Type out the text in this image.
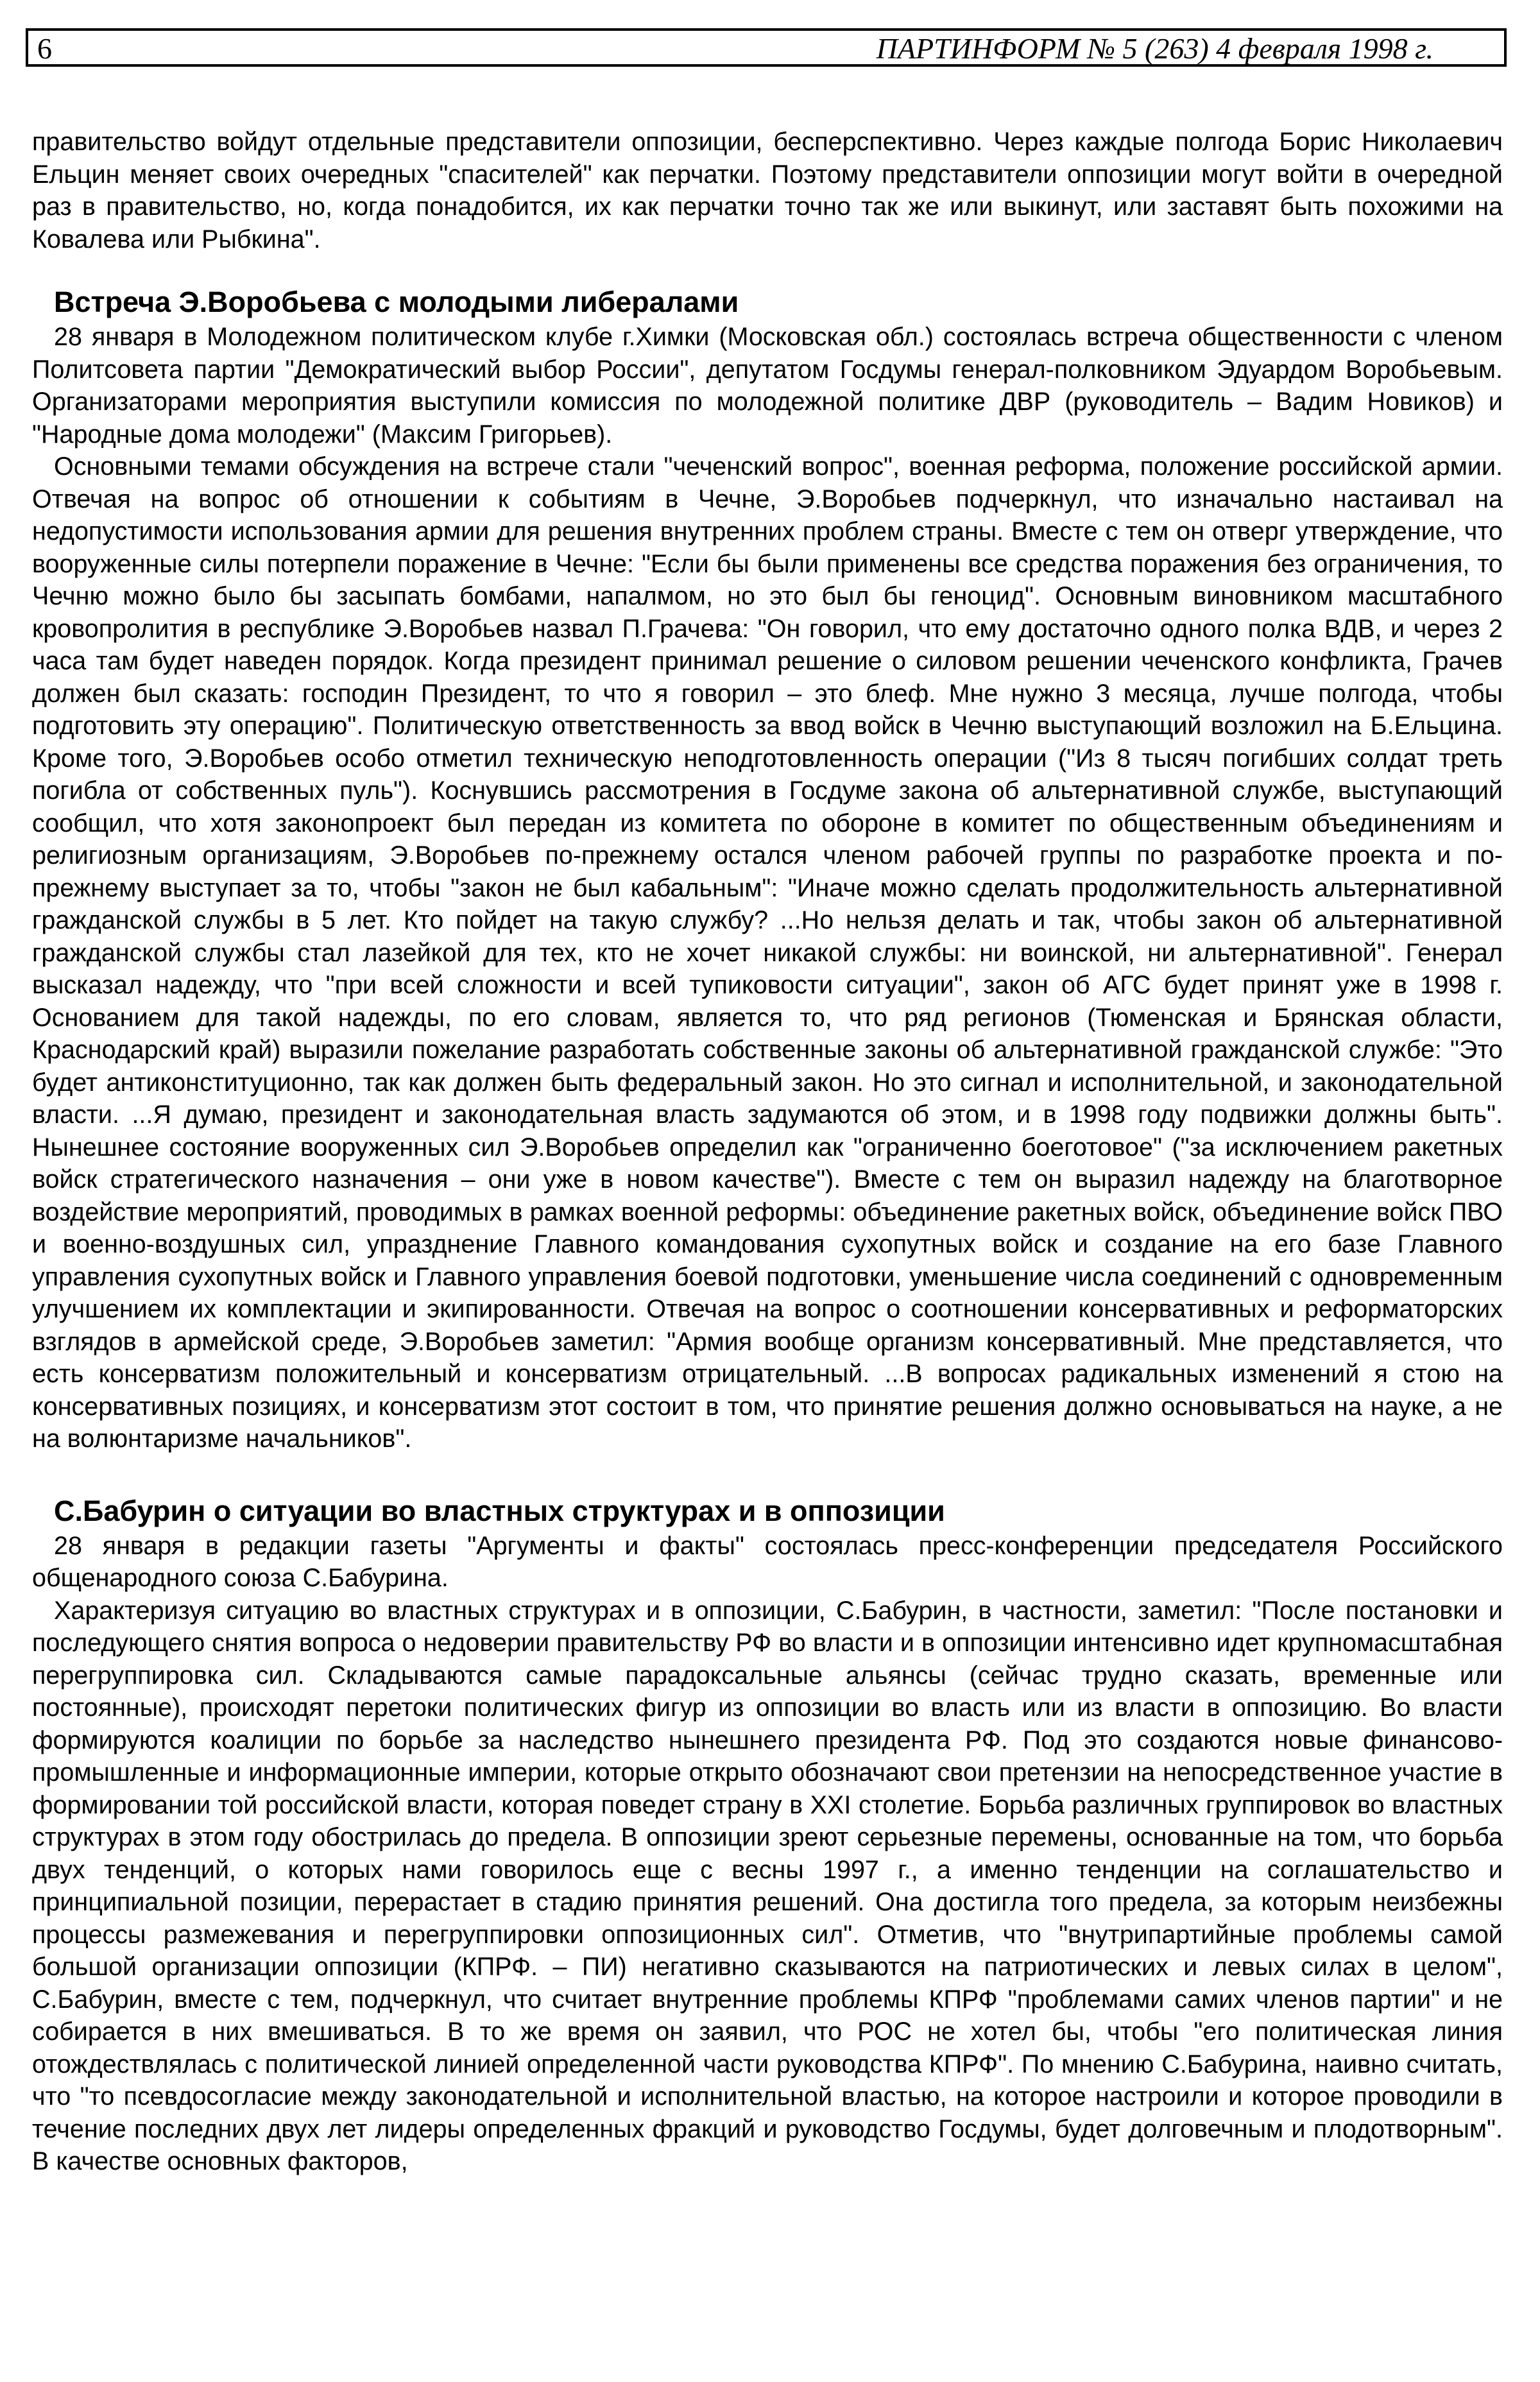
6	ПАРТИНФОРМ № 5 (263) 4 февраля 1998 г.

правительство войдут отдельные представители оппозиции, бесперспективно. Через каждые полгода Борис Николаевич Ельцин меняет своих очередных "спасителей" как перчатки. Поэтому представители оппозиции могут войти в очередной раз в правительство, но, когда понадобится, их как перчатки точно так же или выкинут, или заставят быть похожими на Ковалева или Рыбкина".

Встреча Э.Воробьева с молодыми либералами

28 января в Молодежном политическом клубе г.Химки (Московская обл.) состоялась встреча общественности с членом Политсовета партии "Демократический выбор России", депутатом Госдумы генерал-полковником Эдуардом Воробьевым. Организаторами мероприятия выступили комиссия по молодежной политике ДВР (руководитель – Вадим Новиков) и "Народные дома молодежи" (Максим Григорьев).

Основными темами обсуждения на встрече стали "чеченский вопрос", военная реформа, положение российской армии. Отвечая на вопрос об отношении к событиям в Чечне, Э.Воробьев подчеркнул, что изначально настаивал на недопустимости использования армии для решения внутренних проблем страны. Вместе с тем он отверг утверждение, что вооруженные силы потерпели поражение в Чечне: "Если бы были применены все средства поражения без ограничения, то Чечню можно было бы засыпать бомбами, напалмом, но это был бы геноцид". Основным виновником масштабного кровопролития в республике Э.Воробьев назвал П.Грачева: "Он говорил, что ему достаточно одного полка ВДВ, и через 2 часа там будет наведен порядок. Когда президент принимал решение о силовом решении чеченского конфликта, Грачев должен был сказать: господин Президент, то что я говорил – это блеф. Мне нужно 3 месяца, лучше полгода, чтобы подготовить эту операцию". Политическую ответственность за ввод войск в Чечню выступающий возложил на Б.Ельцина. Кроме того, Э.Воробьев особо отметил техническую неподготовленность операции ("Из 8 тысяч погибших солдат треть погибла от собственных пуль"). Коснувшись рассмотрения в Госдуме закона об альтернативной службе, выступающий сообщил, что хотя законопроект был передан из комитета по обороне в комитет по общественным объединениям и религиозным организациям, Э.Воробьев по-прежнему остался членом рабочей группы по разработке проекта и по-прежнему выступает за то, чтобы "закон не был кабальным": "Иначе можно сделать продолжительность альтернативной гражданской службы в 5 лет. Кто пойдет на такую службу? ...Но нельзя делать и так, чтобы закон об альтернативной гражданской службы стал лазейкой для тех, кто не хочет никакой службы: ни воинской, ни альтернативной". Генерал высказал надежду, что "при всей сложности и всей тупиковости ситуации", закон об АГС будет принят уже в 1998 г. Основанием для такой надежды, по его словам, является то, что ряд регионов (Тюменская и Брянская области, Краснодарский край) выразили пожелание разработать собственные законы об альтернативной гражданской службе: "Это будет антиконституционно, так как должен быть федеральный закон. Но это сигнал и исполнительной, и законодательной власти. ...Я думаю, президент и законодательная власть задумаются об этом, и в 1998 году подвижки должны быть". Нынешнее состояние вооруженных сил Э.Воробьев определил как "ограниченно боеготовое" ("за исключением ракетных войск стратегического назначения – они уже в новом качестве"). Вместе с тем он выразил надежду на благотворное воздействие мероприятий, проводимых в рамках военной реформы: объединение ракетных войск, объединение войск ПВО и военно-воздушных сил, упразднение Главного командования сухопутных войск и создание на его базе Главного управления сухопутных войск и Главного управления боевой подготовки, уменьшение числа соединений с одновременным улучшением их комплектации и экипированности. Отвечая на вопрос о соотношении консервативных и реформаторских взглядов в армейской среде, Э.Воробьев заметил: "Армия вообще организм консервативный. Мне представляется, что есть консерватизм положительный и консерватизм отрицательный. ...В вопросах радикальных изменений я стою на консервативных позициях, и консерватизм этот состоит в том, что принятие решения должно основываться на науке, а не на волюнтаризме начальников".

С.Бабурин о ситуации во властных структурах и в оппозиции

28 января в редакции газеты "Аргументы и факты" состоялась пресс-конференции председателя Российского общенародного союза С.Бабурина.

Характеризуя ситуацию во властных структурах и в оппозиции, С.Бабурин, в частности, заметил: "После постановки и последующего снятия вопроса о недоверии правительству РФ во власти и в оппозиции интенсивно идет крупномасштабная перегруппировка сил. Складываются самые парадоксальные альянсы (сейчас трудно сказать, временные или постоянные), происходят перетоки политических фигур из оппозиции во власть или из власти в оппозицию. Во власти формируются коалиции по борьбе за наследство нынешнего президента РФ. Под это создаются новые финансово-промышленные и информационные империи, которые открыто обозначают свои претензии на непосредственное участие в формировании той российской власти, которая поведет страну в XXI столетие. Борьба различных группировок во властных структурах в этом году обострилась до предела. В оппозиции зреют серьезные перемены, основанные на том, что борьба двух тенденций, о которых нами говорилось еще с весны 1997 г., а именно тенденции на соглашательство и принципиальной позиции, перерастает в стадию принятия решений. Она достигла того предела, за которым неизбежны процессы размежевания и перегруппировки оппозиционных сил". Отметив, что "внутрипартийные проблемы самой большой организации оппозиции (КПРФ. – ПИ) негативно сказываются на патриотических и левых силах в целом", С.Бабурин, вместе с тем, подчеркнул, что считает внутренние проблемы КПРФ "проблемами самих членов партии" и не собирается в них вмешиваться. В то же время он заявил, что РОС не хотел бы, чтобы "его политическая линия отождествлялась с политической линией определенной части руководства КПРФ". По мнению С.Бабурина, наивно считать, что "то псевдосогласие между законодательной и исполнительной властью, на которое настроили и которое проводили в течение последних двух лет лидеры определенных фракций и руководство Госдумы, будет долговечным и плодотворным". В качестве основных факторов,
